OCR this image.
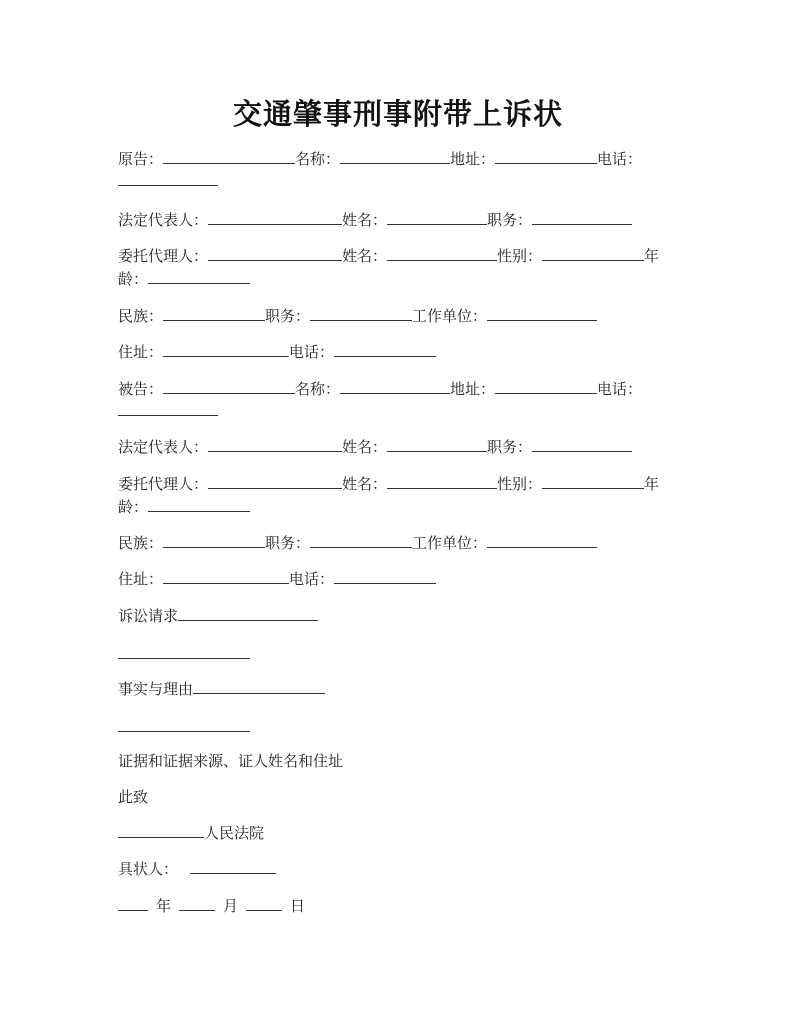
交通肇事刑事附带上诉状
原告：	名称：	地址：	电话：
法定代表人：	姓名：	职务：
委托代理人：	姓名：	性别：	年
龄：
民族：	职务：	工作单位：
住址：	电话：
被告：	名称：	地址：	电话：
法定代表人：	姓名：	职务：
委托代理人：	姓名：	性别：	年
龄：
民族：	职务：	工作单位：
住址：	电话：
诉讼请求
事实与理由
证据和证据来源、证人姓名和住址
此致
人民法院
具状人：
年	月	日
